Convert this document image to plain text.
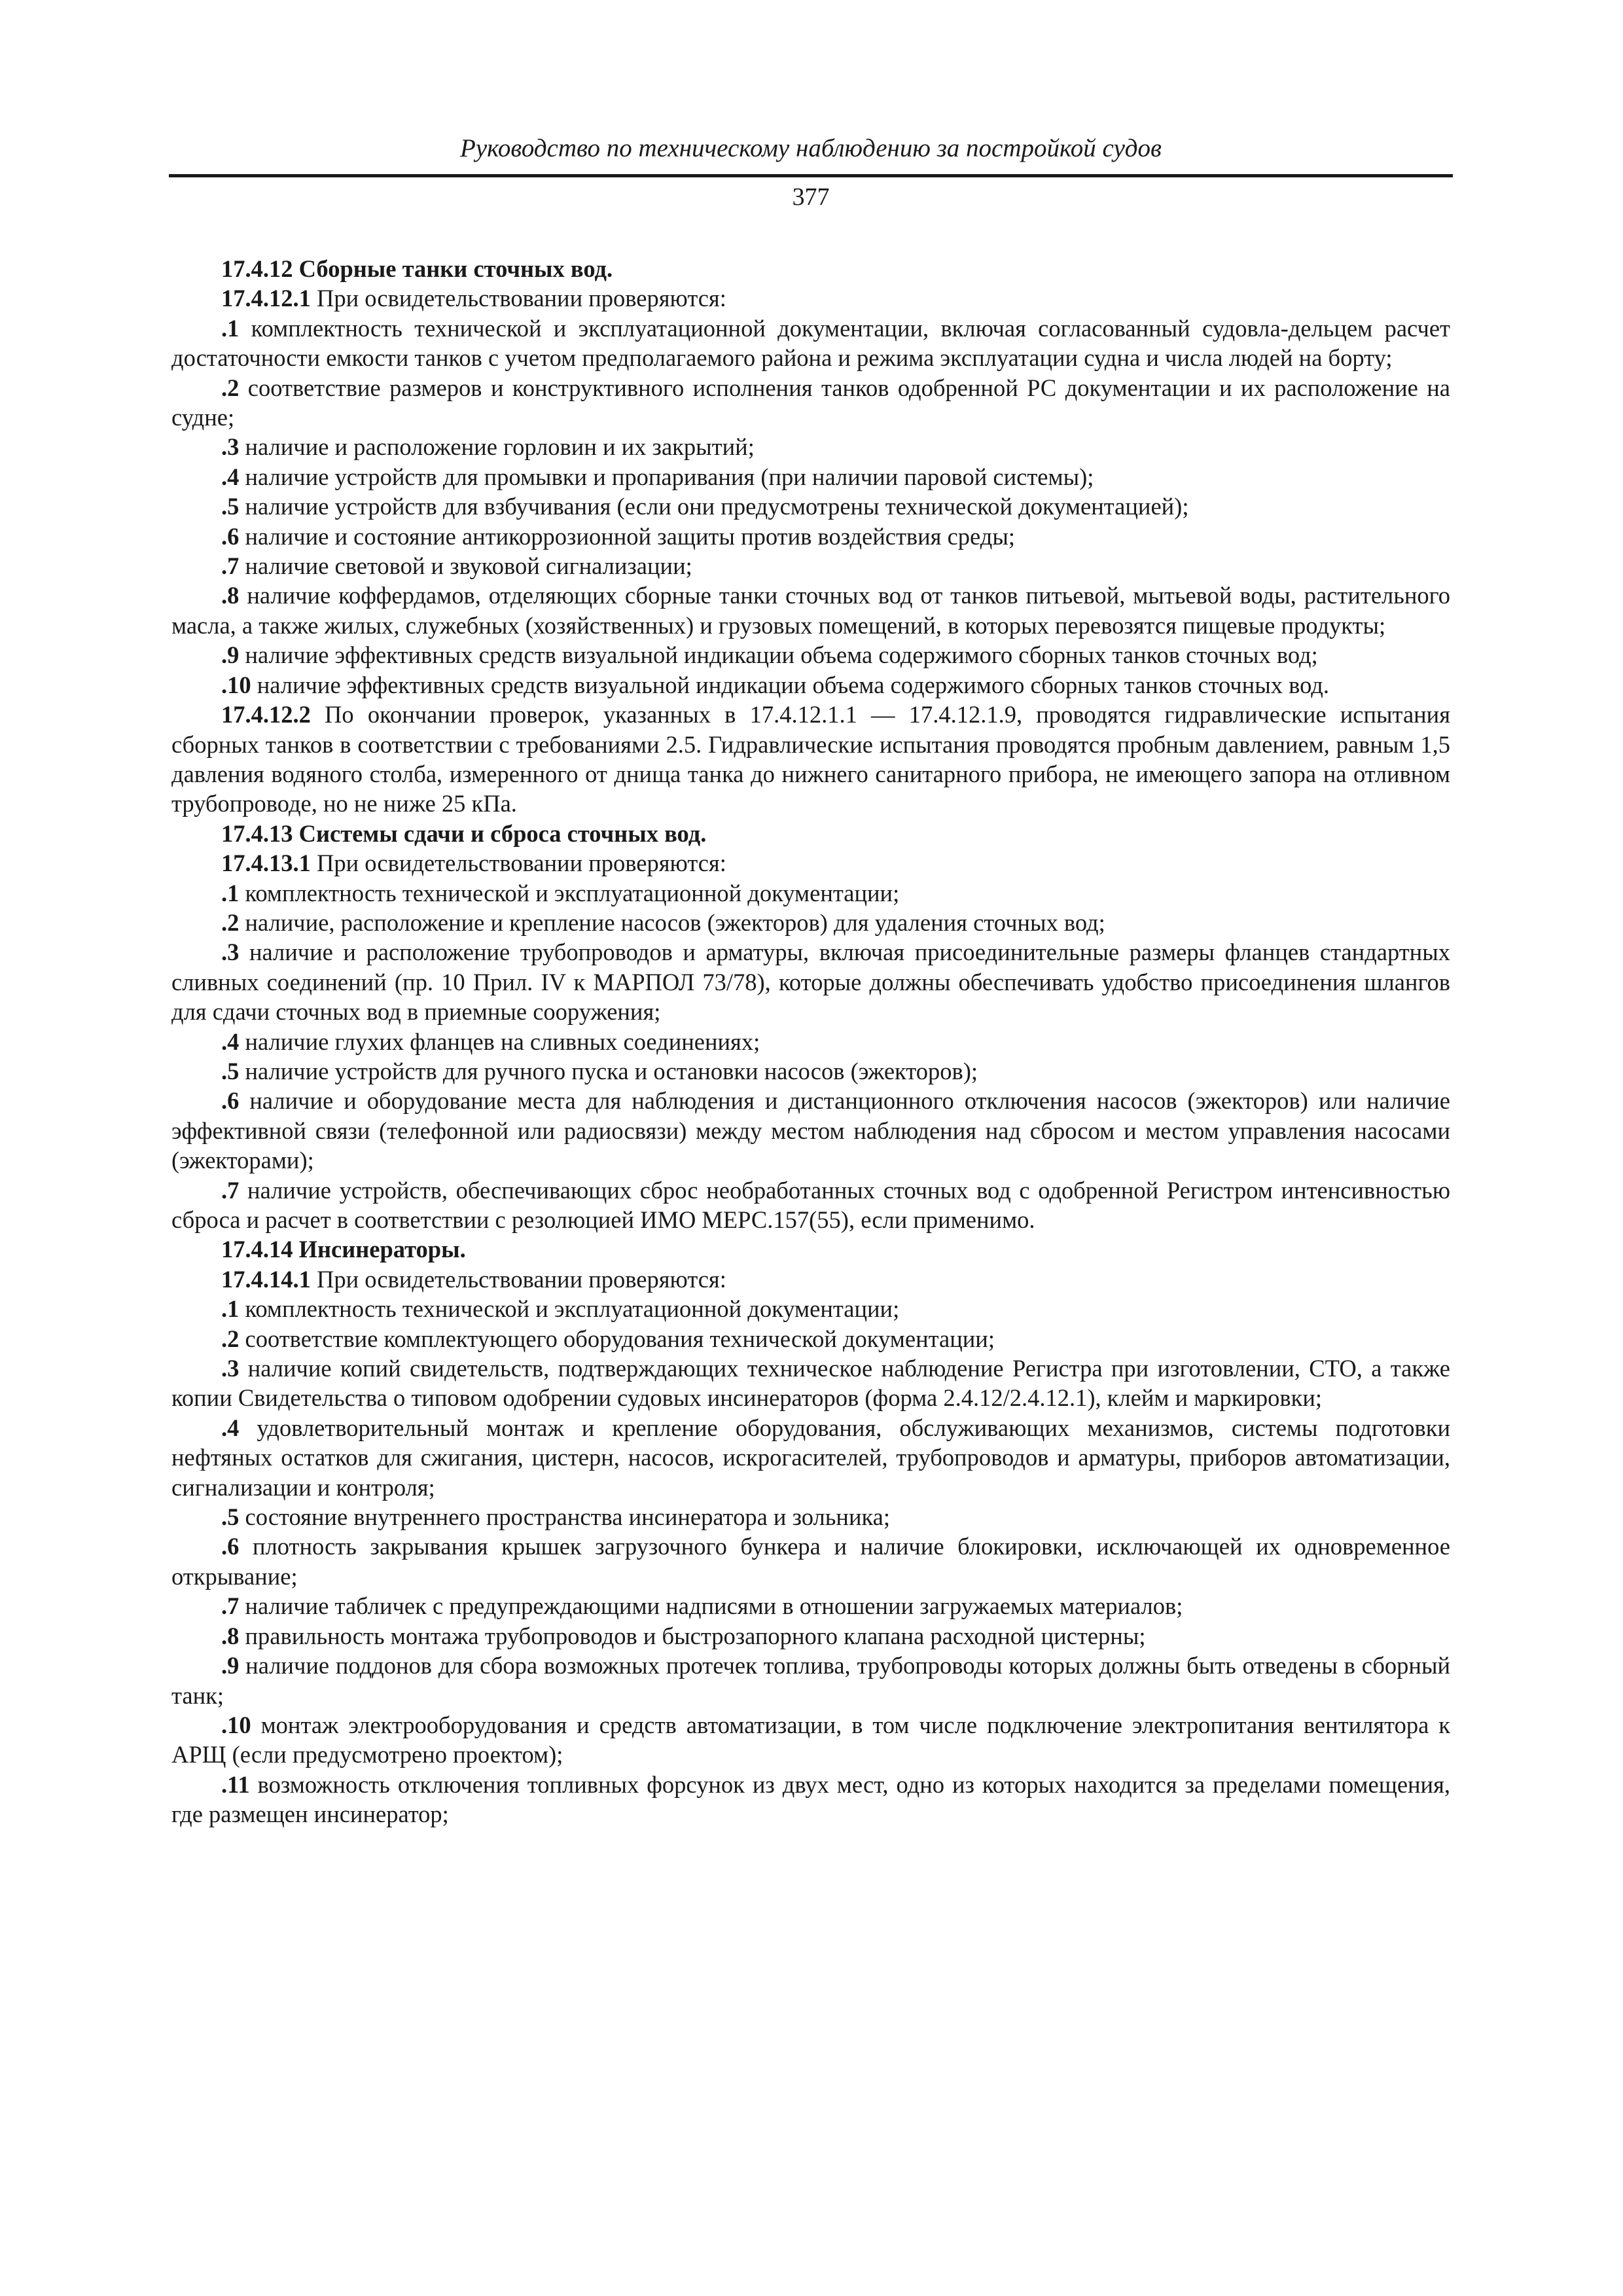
Руководство по техническому наблюдению за постройкой судов
377

17.4.12 Сборные танки сточных вод.

17.4.12.1 При освидетельствовании проверяются:

.1 комплектность технической и эксплуатационной документации, включая согласованный судовла-дельцем расчет достаточности емкости танков с учетом предполагаемого района и режима эксплуатации судна и числа людей на борту;

.2 соответствие размеров и конструктивного исполнения танков одобренной РС документации и их расположение на судне;

.3 наличие и расположение горловин и их закрытий;

.4 наличие устройств для промывки и пропаривания (при наличии паровой системы);

.5 наличие устройств для взбучивания (если они предусмотрены технической документацией);

.6 наличие и состояние антикоррозионной защиты против воздействия среды;

.7 наличие световой и звуковой сигнализации;

.8 наличие коффердамов, отделяющих сборные танки сточных вод от танков питьевой, мытьевой воды, растительного масла, а также жилых, служебных (хозяйственных) и грузовых помещений, в которых перевозятся пищевые продукты;

.9 наличие эффективных средств визуальной индикации объема содержимого сборных танков сточных вод;

.10 наличие эффективных средств визуальной индикации объема содержимого сборных танков сточных вод.

17.4.12.2 По окончании проверок, указанных в 17.4.12.1.1 — 17.4.12.1.9, проводятся гидравлические испытания сборных танков в соответствии с требованиями 2.5. Гидравлические испытания проводятся пробным давлением, равным 1,5 давления водяного столба, измеренного от днища танка до нижнего санитарного прибора, не имеющего запора на отливном трубопроводе, но не ниже 25 кПа.

17.4.13 Системы сдачи и сброса сточных вод.

17.4.13.1 При освидетельствовании проверяются:

.1 комплектность технической и эксплуатационной документации;

.2 наличие, расположение и крепление насосов (эжекторов) для удаления сточных вод;

.3 наличие и расположение трубопроводов и арматуры, включая присоединительные размеры фланцев стандартных сливных соединений (пр. 10 Прил. IV к МАРПОЛ 73/78), которые должны обеспечивать удобство присоединения шлангов для сдачи сточных вод в приемные сооружения;

.4 наличие глухих фланцев на сливных соединениях;

.5 наличие устройств для ручного пуска и остановки насосов (эжекторов);

.6 наличие и оборудование места для наблюдения и дистанционного отключения насосов (эжекторов) или наличие эффективной связи (телефонной или радиосвязи) между местом наблюдения над сбросом и местом управления насосами (эжекторами);

.7 наличие устройств, обеспечивающих сброс необработанных сточных вод с одобренной Регистром интенсивностью сброса и расчет в соответствии с резолюцией ИМО МЕРС.157(55), если применимо.

17.4.14 Инсинераторы.

17.4.14.1 При освидетельствовании проверяются:

.1 комплектность технической и эксплуатационной документации;

.2 соответствие комплектующего оборудования технической документации;

.3 наличие копий свидетельств, подтверждающих техническое наблюдение Регистра при изготовлении, СТО, а также копии Свидетельства о типовом одобрении судовых инсинераторов (форма 2.4.12/2.4.12.1), клейм и маркировки;

.4 удовлетворительный монтаж и крепление оборудования, обслуживающих механизмов, системы подготовки нефтяных остатков для сжигания, цистерн, насосов, искрогасителей, трубопроводов и арматуры, приборов автоматизации, сигнализации и контроля;

.5 состояние внутреннего пространства инсинератора и зольника;

.6 плотность закрывания крышек загрузочного бункера и наличие блокировки, исключающей их одновременное открывание;

.7 наличие табличек с предупреждающими надписями в отношении загружаемых материалов;

.8 правильность монтажа трубопроводов и быстрозапорного клапана расходной цистерны;

.9 наличие поддонов для сбора возможных протечек топлива, трубопроводы которых должны быть отведены в сборный танк;

.10 монтаж электрооборудования и средств автоматизации, в том числе подключение электропитания вентилятора к АРЩ (если предусмотрено проектом);

.11 возможность отключения топливных форсунок из двух мест, одно из которых находится за пределами помещения, где размещен инсинератор;
